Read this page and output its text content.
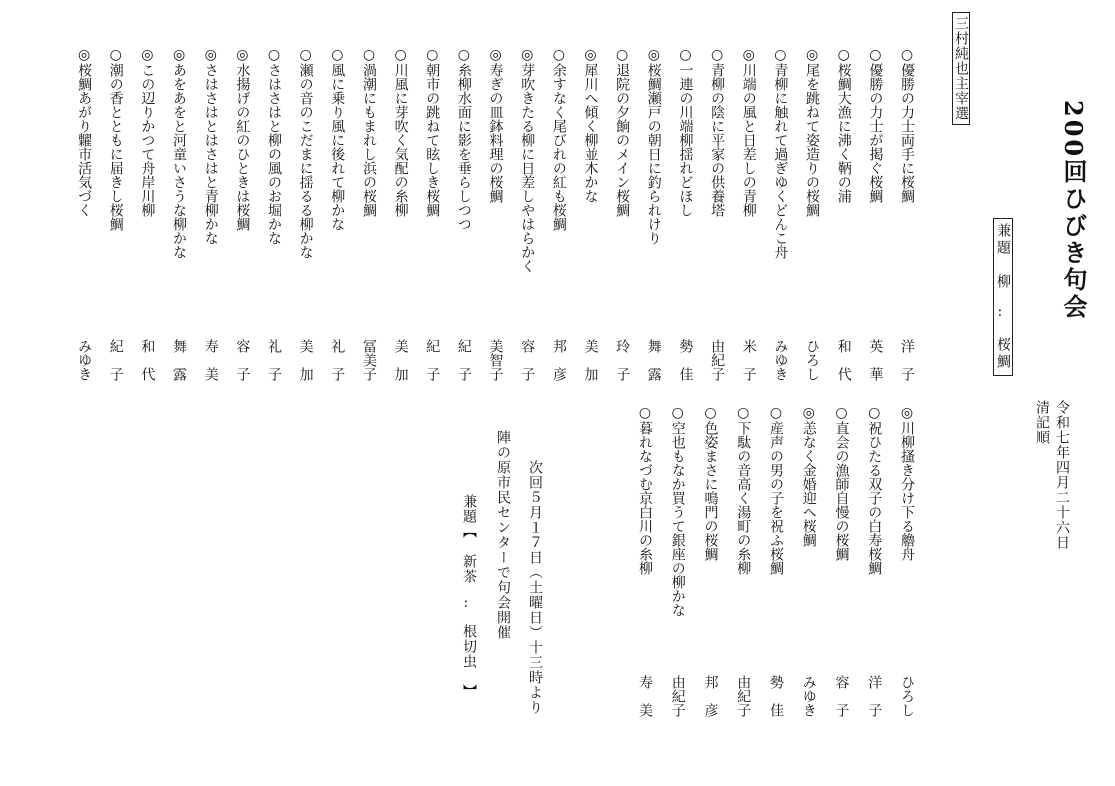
200回ひびき句会
令和七年四月二十六日
清記順
兼題　柳　‥　桜鯛
三村純也主宰選
○優勝の力士両手に桜鯛
洋　子
○優勝の力士が掲ぐ桜鯛
英　華
○桜鯛大漁に沸く鞆の浦
和　代
◎尾を跳ねて姿造りの桜鯛
ひろし
○青柳に触れて過ぎゆくどんこ舟
みゆき
◎川端の風と日差しの青柳
米　子
○青柳の陰に平家の供養塔
由紀子
○一連の川端柳揺れどほし
勢　佳
◎桜鯛瀬戸の朝日に釣られけり
舞　露
○退院の夕餉のメイン桜鯛
玲　子
◎犀川へ傾く柳並木かな
美　加
○余すなく尾びれの紅も桜鯛
邦　彦
◎芽吹きたる柳に日差しやはらかく
容　子
◎寿ぎの皿鉢料理の桜鯛
美智子
○糸柳水面に影を垂らしつつ
紀　子
○朝市の跳ねて眩しき桜鯛
紀　子
○川風に芽吹く気配の糸柳
美　加
○渦潮にもまれし浜の桜鯛
冨美子
○風に乗り風に後れて柳かな
礼　子
○瀬の音のこだまに揺るる柳かな
美　加
○さはさはと柳の風のお堀かな
礼　子
◎水揚げの紅のひときは桜鯛
容　子
◎さはさはとはさはと青柳かな
寿　美
◎あをあをと河童いさうな柳かな
舞　露
◎この辺りかつて舟岸川柳
和　代
○潮の香とともに届きし桜鯛
紀　子
◎桜鯛あがり糶市活気づく
みゆき
◎川柳搔き分け下る艪舟
ひろし
○祝ひたる双子の白寿桜鯛
洋　子
○直会の漁師自慢の桜鯛
容　子
◎恙なく金婚迎へ桜鯛
みゆき
○産声の男の子を祝ふ桜鯛
勢　佳
○下駄の音高く湯町の糸柳
由紀子
○色姿まさに鳴門の桜鯛
邦　彦
○空也もなか買うて銀座の柳かな
由紀子
○暮れなづむ京白川の糸柳
寿　美
次回５月１７日（土曜日）十三時より
陣の原市民センターで句会開催
兼題【　新茶　‥　根切虫　】
